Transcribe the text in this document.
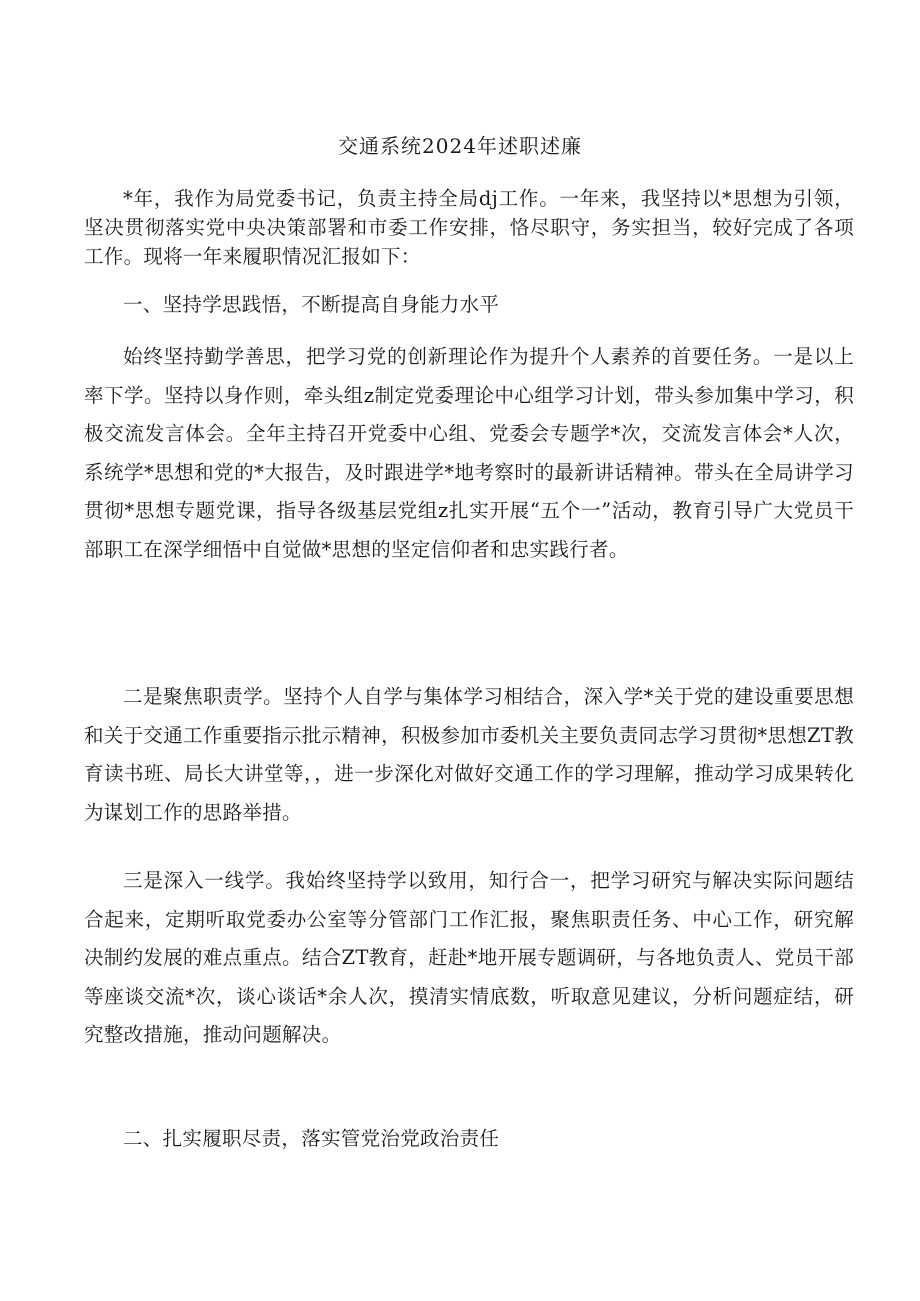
交通系统2024年述职述廉

*年，我作为局党委书记，负责主持全局dj工作。一年来，我坚持以*思想为引领，坚决贯彻落实党中央决策部署和市委工作安排，恪尽职守，务实担当，较好完成了各项工作。现将一年来履职情况汇报如下：

一、坚持学思践悟，不断提高自身能力水平

始终坚持勤学善思，把学习党的创新理论作为提升个人素养的首要任务。一是以上率下学。坚持以身作则，牵头组z制定党委理论中心组学习计划，带头参加集中学习，积极交流发言体会。全年主持召开党委中心组、党委会专题学*次，交流发言体会*人次，系统学*思想和党的*大报告，及时跟进学*地考察时的最新讲话精神。带头在全局讲学习贯彻*思想专题党课，指导各级基层党组z扎实开展“五个一”活动，教育引导广大党员干部职工在深学细悟中自觉做*思想的坚定信仰者和忠实践行者。

二是聚焦职责学。坚持个人自学与集体学习相结合，深入学*关于党的建设重要思想和关于交通工作重要指示批示精神，积极参加市委机关主要负责同志学习贯彻*思想ZT教育读书班、局长大讲堂等，，进一步深化对做好交通工作的学习理解，推动学习成果转化为谋划工作的思路举措。

三是深入一线学。我始终坚持学以致用，知行合一，把学习研究与解决实际问题结合起来，定期听取党委办公室等分管部门工作汇报，聚焦职责任务、中心工作，研究解决制约发展的难点重点。结合ZT教育，赶赴*地开展专题调研，与各地负责人、党员干部等座谈交流*次，谈心谈话*余人次，摸清实情底数，听取意见建议，分析问题症结，研究整改措施，推动问题解决。

二、扎实履职尽责，落实管党治党政治责任
